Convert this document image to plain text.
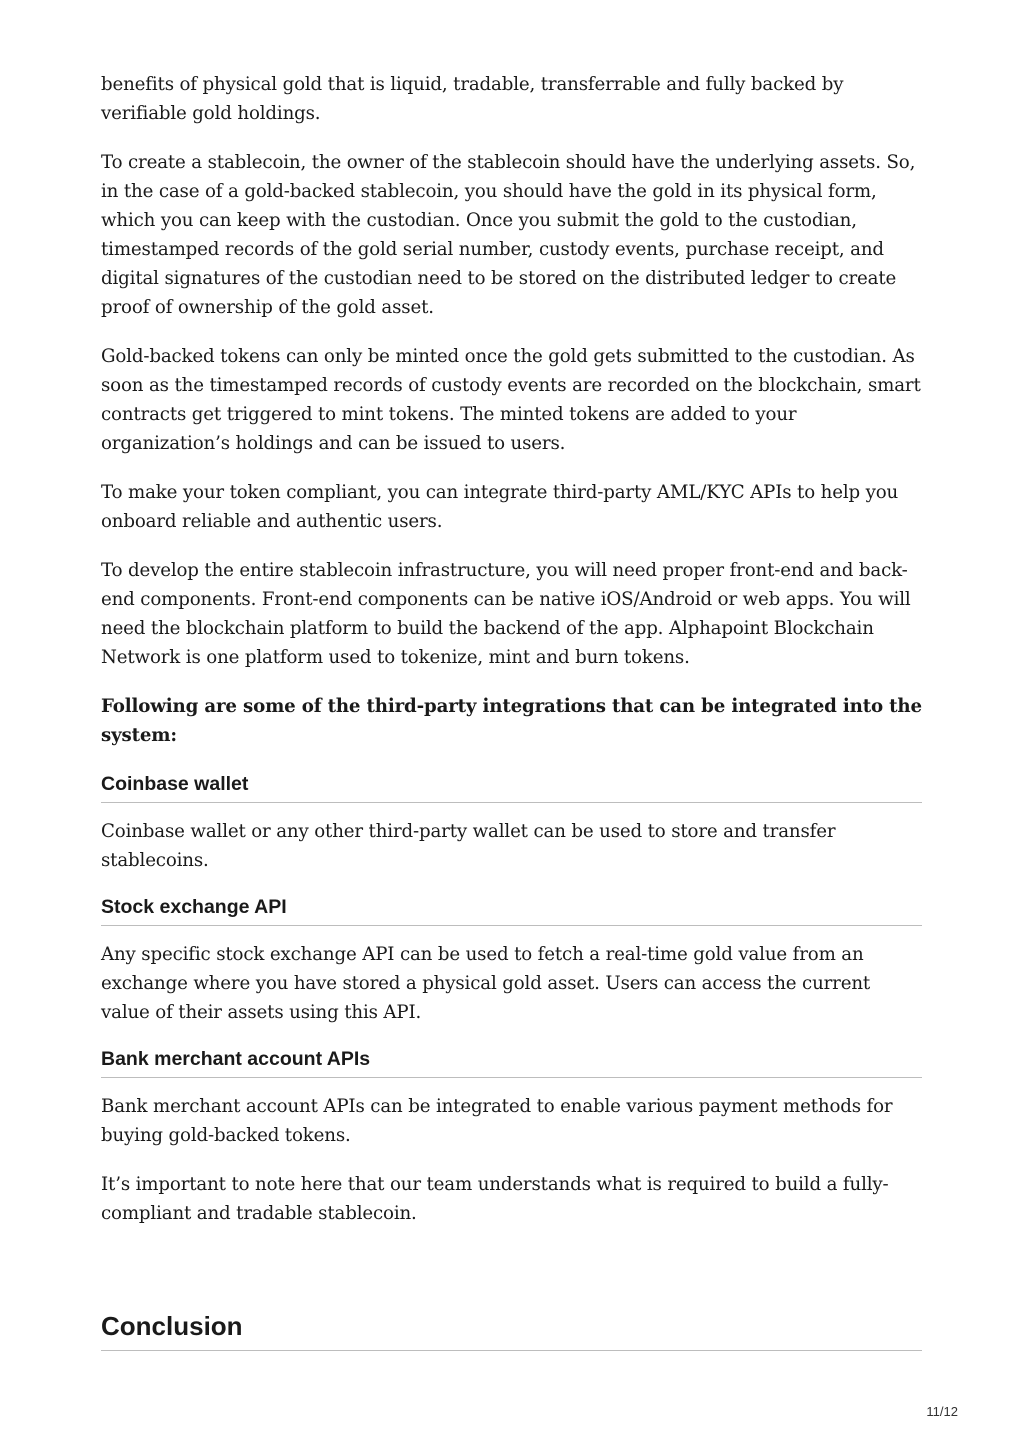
benefits of physical gold that is liquid, tradable, transferrable and fully backed by verifiable gold holdings.

To create a stablecoin, the owner of the stablecoin should have the underlying assets. So, in the case of a gold-backed stablecoin, you should have the gold in its physical form, which you can keep with the custodian. Once you submit the gold to the custodian, timestamped records of the gold serial number, custody events, purchase receipt, and digital signatures of the custodian need to be stored on the distributed ledger to create proof of ownership of the gold asset.

Gold-backed tokens can only be minted once the gold gets submitted to the custodian. As soon as the timestamped records of custody events are recorded on the blockchain, smart contracts get triggered to mint tokens. The minted tokens are added to your organization’s holdings and can be issued to users.

To make your token compliant, you can integrate third-party AML/KYC APIs to help you onboard reliable and authentic users.

To develop the entire stablecoin infrastructure, you will need proper front-end and back-end components. Front-end components can be native iOS/Android or web apps. You will need the blockchain platform to build the backend of the app. Alphapoint Blockchain Network is one platform used to tokenize, mint and burn tokens.

Following are some of the third-party integrations that can be integrated into the system:

Coinbase wallet

Coinbase wallet or any other third-party wallet can be used to store and transfer stablecoins.

Stock exchange API

Any specific stock exchange API can be used to fetch a real-time gold value from an exchange where you have stored a physical gold asset. Users can access the current value of their assets using this API.

Bank merchant account APIs

Bank merchant account APIs can be integrated to enable various payment methods for buying gold-backed tokens.

It’s important to note here that our team understands what is required to build a fully-compliant and tradable stablecoin.

Conclusion
11/12
